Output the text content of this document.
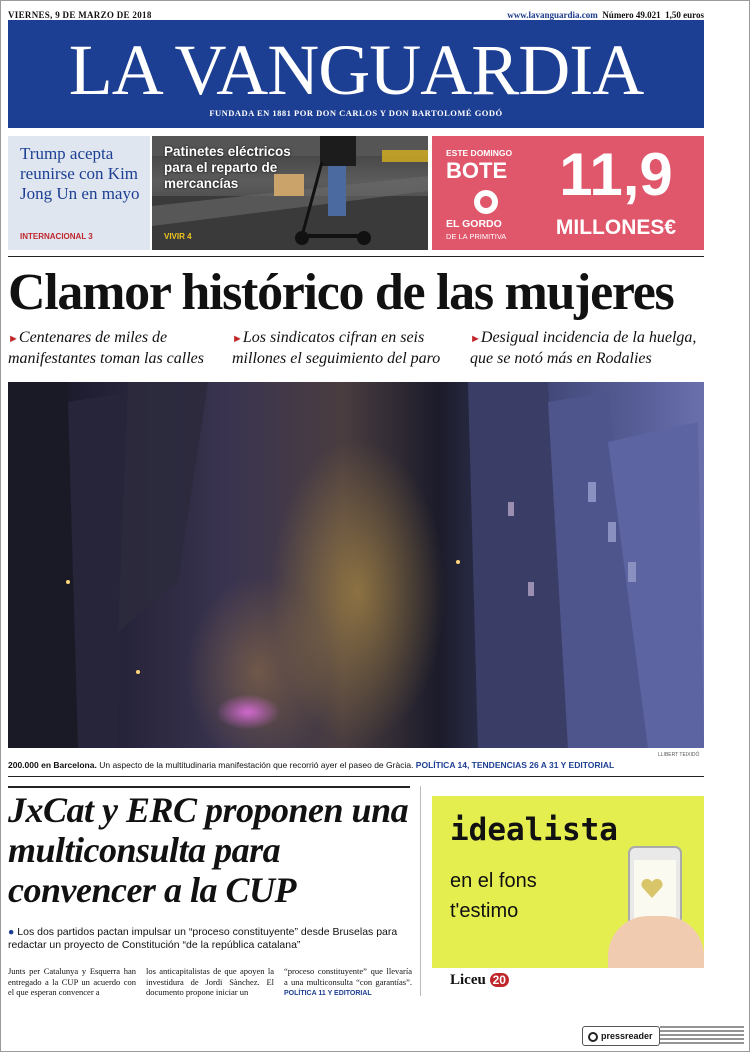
VIERNES, 9 DE MARZO DE 2018	www.lavanguardia.com Número 49.021 1,50 euros
LA VANGUARDIA
FUNDADA EN 1881 POR DON CARLOS Y DON BARTOLOMÉ GODÓ
Trump acepta reunirse con Kim Jong Un en mayo
INTERNACIONAL 3
Patinetes eléctricos para el reparto de mercancías
VIVIR 4
ESTE DOMINGO
BOTE
EL GORDO
DE LA PRIMITIVA
11,9
MILLONES€
Clamor histórico de las mujeres
►Centenares de miles de manifestantes toman las calles
►Los sindicatos cifran en seis millones el seguimiento del paro
►Desigual incidencia de la huelga, que se notó más en Rodalies
LLIBERT TEIXIDÓ
200.000 en Barcelona. Un aspecto de la multitudinaria manifestación que recorrió ayer el paseo de Gràcia. POLÍTICA 14, TENDENCIAS 26 A 31 Y EDITORIAL
JxCat y ERC proponen una multiconsulta para convencer a la CUP
● Los dos partidos pactan impulsar un “proceso constituyente” desde Bruselas para redactar un proyecto de Constitución “de la república catalana”
Junts per Catalunya y Esquerra han entregado a la CUP un acuerdo con el que esperan convencer a
los anticapitalistas de que apoyen la investidura de Jordi Sànchez. El documento propone iniciar un
“proceso constituyente” que llevaría a una multiconsulta “con garantías”. POLÍTICA 11 Y EDITORIAL
idealista
en el fons
t'estimo
Liceu 20
pressreader
